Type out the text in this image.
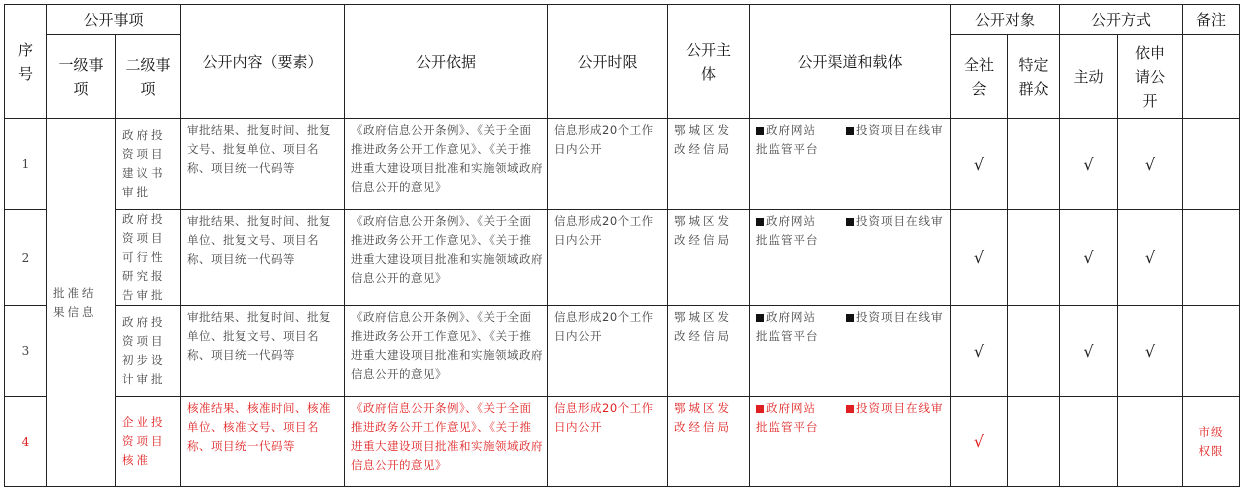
序号	公开事项		公开内容（要素）	公开依据	公开时限	公开主体	公开渠道和载体	公开对象		公开方式		备注
	一级事项	二级事项						全社会	特定群众	主动	依申请公开	
1	批准结果信息	政府投资项目建议书审批	审批结果、批复时间、批复文号、批复单位、项目名称、项目统一代码等	《政府信息公开条例》、《关于全面推进政务公开工作意见》、《关于推进重大建设项目批准和实施领域政府信息公开的意见》	信息形成20个工作日内公开	鄂城区发改经信局	政府网站 投资项目在线审批监管平台	√		√	√	
2		政府投资项目可行性研究报告审批	审批结果、批复时间、批复单位、批复文号、项目名称、项目统一代码等	《政府信息公开条例》、《关于全面推进政务公开工作意见》、《关于推进重大建设项目批准和实施领域政府信息公开的意见》	信息形成20个工作日内公开	鄂城区发改经信局	政府网站 投资项目在线审批监管平台	√		√	√	
3		政府投资项目初步设计审批	审批结果、批复时间、批复单位、批复文号、项目名称、项目统一代码等	《政府信息公开条例》、《关于全面推进政务公开工作意见》、《关于推进重大建设项目批准和实施领域政府信息公开的意见》	信息形成20个工作日内公开	鄂城区发改经信局	政府网站 投资项目在线审批监管平台	√		√	√	
4		企业投资项目核准	核准结果、核准时间、核准单位、核准文号、项目名称、项目统一代码等	《政府信息公开条例》、《关于全面推进政务公开工作意见》、《关于推进重大建设项目批准和实施领域政府信息公开的意见》	信息形成20个工作日内公开	鄂城区发改经信局	政府网站 投资项目在线审批监管平台	√				市级权限
